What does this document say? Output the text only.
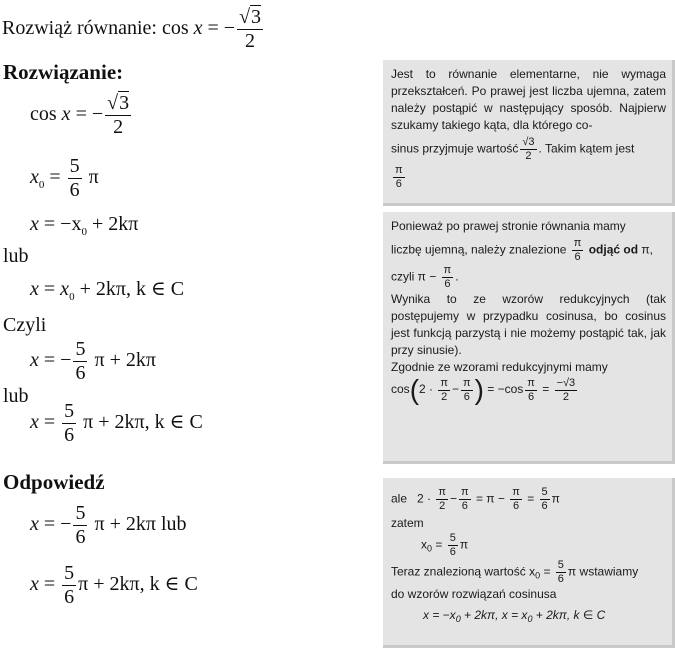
Rozwiąż równanie: cos x = − $\frac{√3}{2}$
Rozwiązanie:
cos x = − $\frac{√3}{2}$
$x_0 = \frac{5}{6}$ π
$x = -x_0 + 2k\pi$
lub
$x = x_0 + 2k\pi$, k ∈ C
Czyli
x = − $\frac{5}{6}$ π + 2kπ
lub
$x = \frac{5}{6}$ π + 2kπ, k ∈ C
Odpowiedź
x = − $\frac{5}{6}$ π + 2kπ lub
$x = \frac{5}{6}$ π + 2kπ, k ∈ C

Jest to równanie elementarne, nie wymaga przekształceń. Po prawej jest liczba ujemna, zatem należy postąpić w następujący sposób. Najpierw szukamy takiego kąta, dla którego co-

sinus przyjmuje wartość $\frac{√3}{2}$ . Takim kątem jest
$\frac{\pi}{6}$

Ponieważ po prawej stronie równania mamy

liczbę ujemną, należy znalezione $\frac{\pi}{6}$ odjąć od π,
czyli $\pi - \frac{\pi}{6}$ .

Wynika to ze wzorów redukcyjnych (tak postępujemy w przypadku cosinusa, bo cosinus jest funkcją parzystą i nie możemy postąpić tak, jak przy sinusie).

Zgodnie ze wzorami redukcyjnymi mamy

$\cos(2 \cdot \frac{\pi}{2} - \frac{\pi}{6}$ ) = $-\cos \frac{\pi}{6} = \frac{-√3}{2}$
ale $2 \cdot \frac{\pi}{2} - \frac{\pi}{6} = \pi - \frac{\pi}{6} = \frac{5}{6}$ π

zatem

$x_0 = \frac{5}{6}$ π
Teraz znalezioną wartość $x_0 = \frac{5}{6}$ π wstawiamy

do wzorów rozwiązań cosinusa

$x = -x_0 + 2k\pi$, $x = x_0 + 2k\pi$, k ∈ C
